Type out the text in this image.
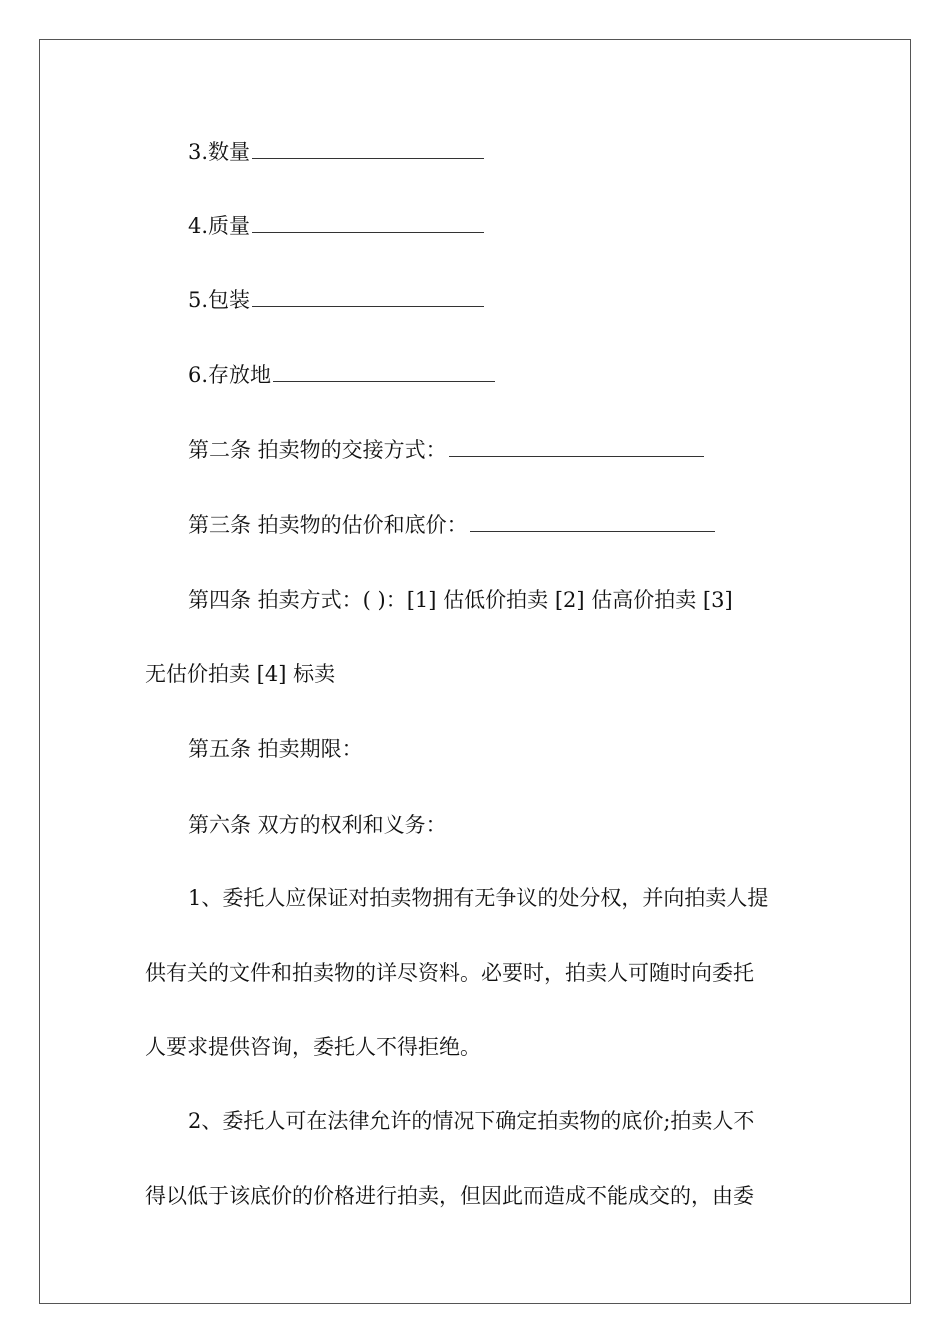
3.数量
4.质量
5.包装
6.存放地
第二条 拍卖物的交接方式：
第三条 拍卖物的估价和底价：
第四条 拍卖方式：( )：[1] 估低价拍卖 [2] 估高价拍卖 [3]
无估价拍卖 [4] 标卖
第五条 拍卖期限：
第六条 双方的权利和义务：
1、委托人应保证对拍卖物拥有无争议的处分权，并向拍卖人提
供有关的文件和拍卖物的详尽资料。必要时，拍卖人可随时向委托
人要求提供咨询，委托人不得拒绝。
2、委托人可在法律允许的情况下确定拍卖物的底价;拍卖人不
得以低于该底价的价格进行拍卖，但因此而造成不能成交的，由委
